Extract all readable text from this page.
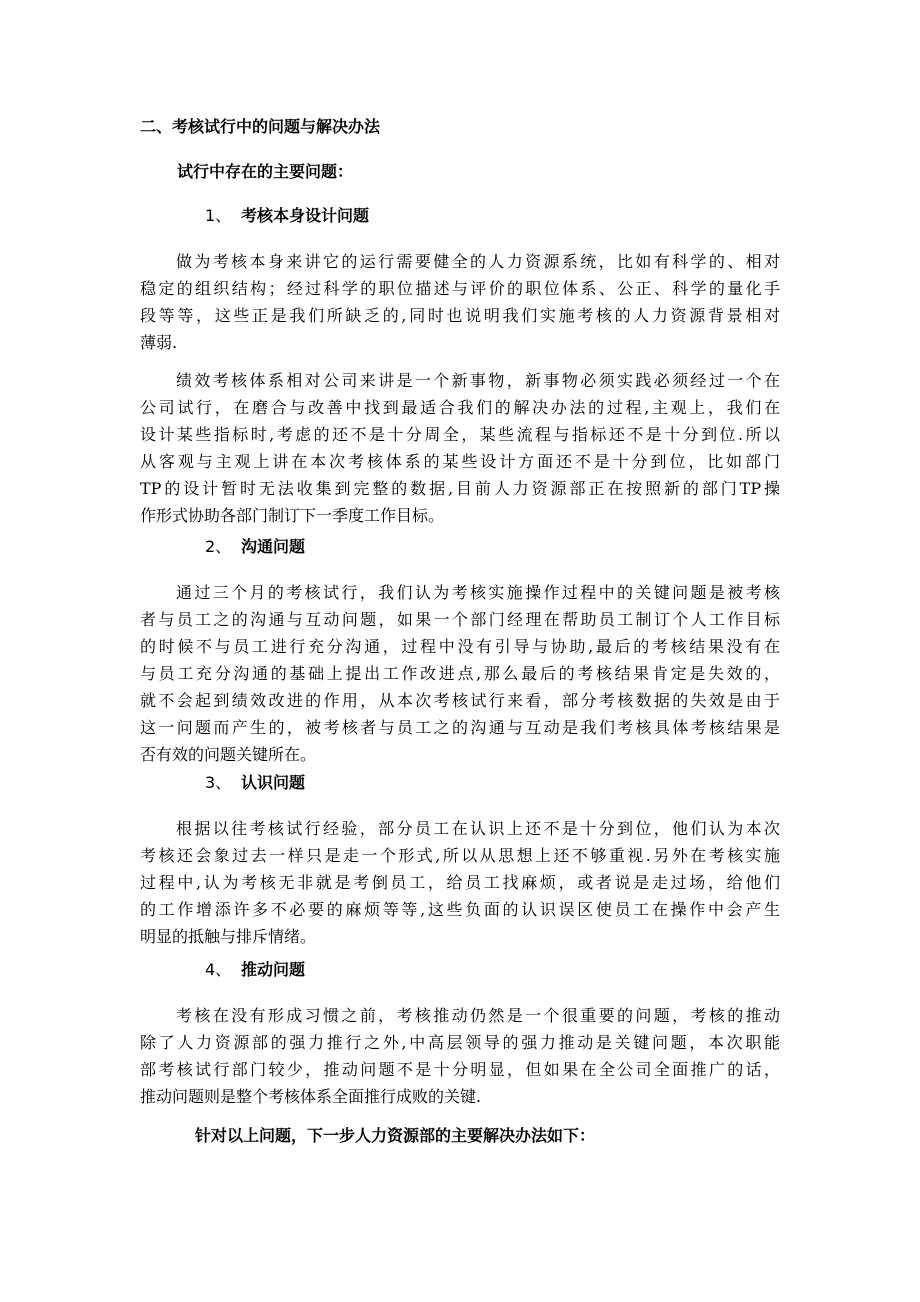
二、考核试行中的问题与解决办法
试行中存在的主要问题：
1、 考核本身设计问题
做为考核本身来讲它的运行需要健全的人力资源系统，比如有科学的、相对
稳定的组织结构；经过科学的职位描述与评价的职位体系、公正、科学的量化手
段等等，这些正是我们所缺乏的,同时也说明我们实施考核的人力资源背景相对
薄弱.
绩效考核体系相对公司来讲是一个新事物，新事物必须实践必须经过一个在
公司试行，在磨合与改善中找到最适合我们的解决办法的过程,主观上，我们在
设计某些指标时,考虑的还不是十分周全，某些流程与指标还不是十分到位.所以
从客观与主观上讲在本次考核体系的某些设计方面还不是十分到位，比如部门
TP的设计暂时无法收集到完整的数据,目前人力资源部正在按照新的部门TP操
作形式协助各部门制订下一季度工作目标。
2、 沟通问题
通过三个月的考核试行，我们认为考核实施操作过程中的关键问题是被考核
者与员工之的沟通与互动问题，如果一个部门经理在帮助员工制订个人工作目标
的时候不与员工进行充分沟通，过程中没有引导与协助,最后的考核结果没有在
与员工充分沟通的基础上提出工作改进点,那么最后的考核结果肯定是失效的，
就不会起到绩效改进的作用，从本次考核试行来看，部分考核数据的失效是由于
这一问题而产生的，被考核者与员工之的沟通与互动是我们考核具体考核结果是
否有效的问题关键所在。
3、 认识问题
根据以往考核试行经验，部分员工在认识上还不是十分到位，他们认为本次
考核还会象过去一样只是走一个形式,所以从思想上还不够重视.另外在考核实施
过程中,认为考核无非就是考倒员工，给员工找麻烦，或者说是走过场，给他们
的工作增添许多不必要的麻烦等等,这些负面的认识误区使员工在操作中会产生
明显的抵触与排斥情绪。
4、 推动问题
考核在没有形成习惯之前，考核推动仍然是一个很重要的问题，考核的推动
除了人力资源部的强力推行之外,中高层领导的强力推动是关键问题，本次职能
部考核试行部门较少，推动问题不是十分明显，但如果在全公司全面推广的话，
推动问题则是整个考核体系全面推行成败的关键.
针对以上问题，下一步人力资源部的主要解决办法如下：
